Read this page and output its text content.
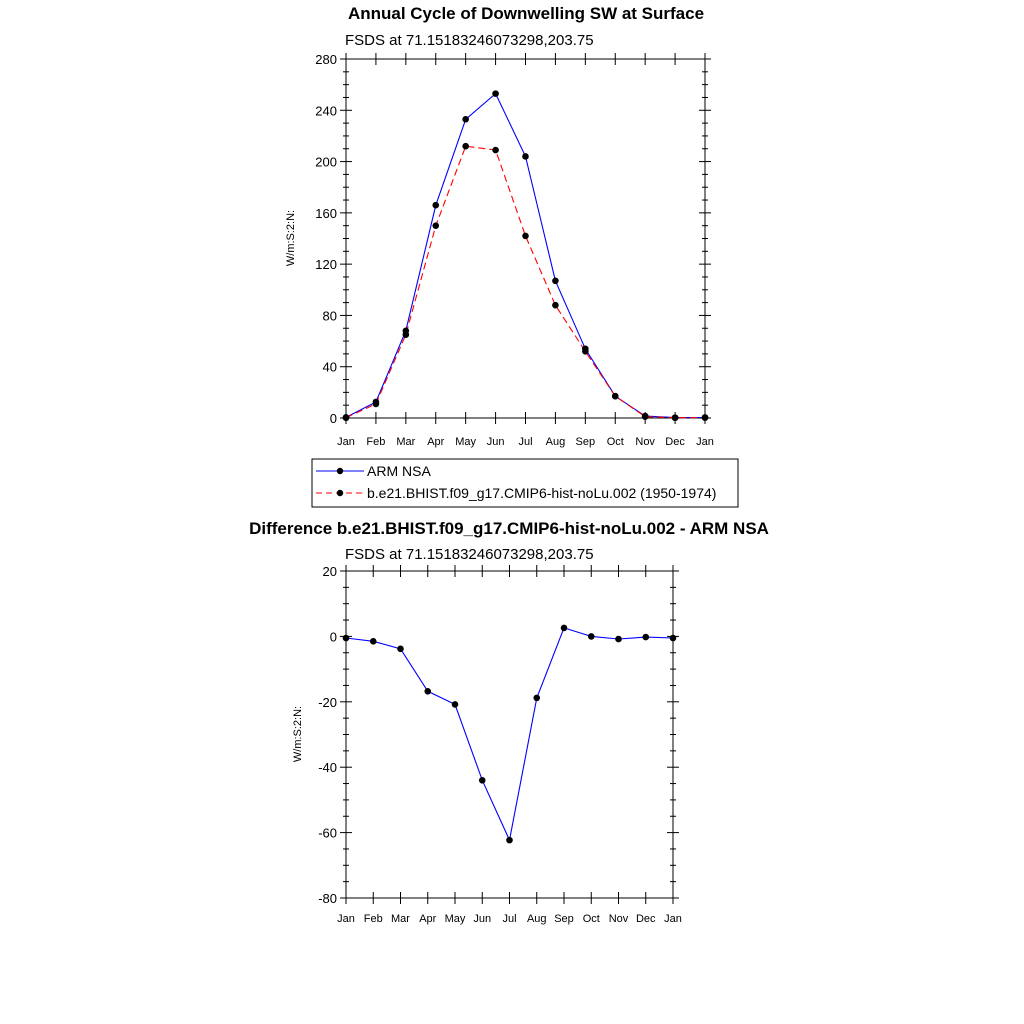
Annual Cycle of Downwelling SW at Surface
FSDS at 71.15183246073298,203.75
W/m:S:2:N:
0
40
80
120
160
200
240
280
Jan Feb Mar Apr May Jun Jul Aug Sep Oct Nov Dec Jan
ARM NSA
b.e21.BHIST.f09_g17.CMIP6-hist-noLu.002 (1950-1974)
Difference b.e21.BHIST.f09_g17.CMIP6-hist-noLu.002 - ARM NSA
FSDS at 71.15183246073298,203.75
W/m:S:2:N:
-80
-60
-40
-20
0
20
Jan Feb Mar Apr May Jun Jul Aug Sep Oct Nov Dec Jan
